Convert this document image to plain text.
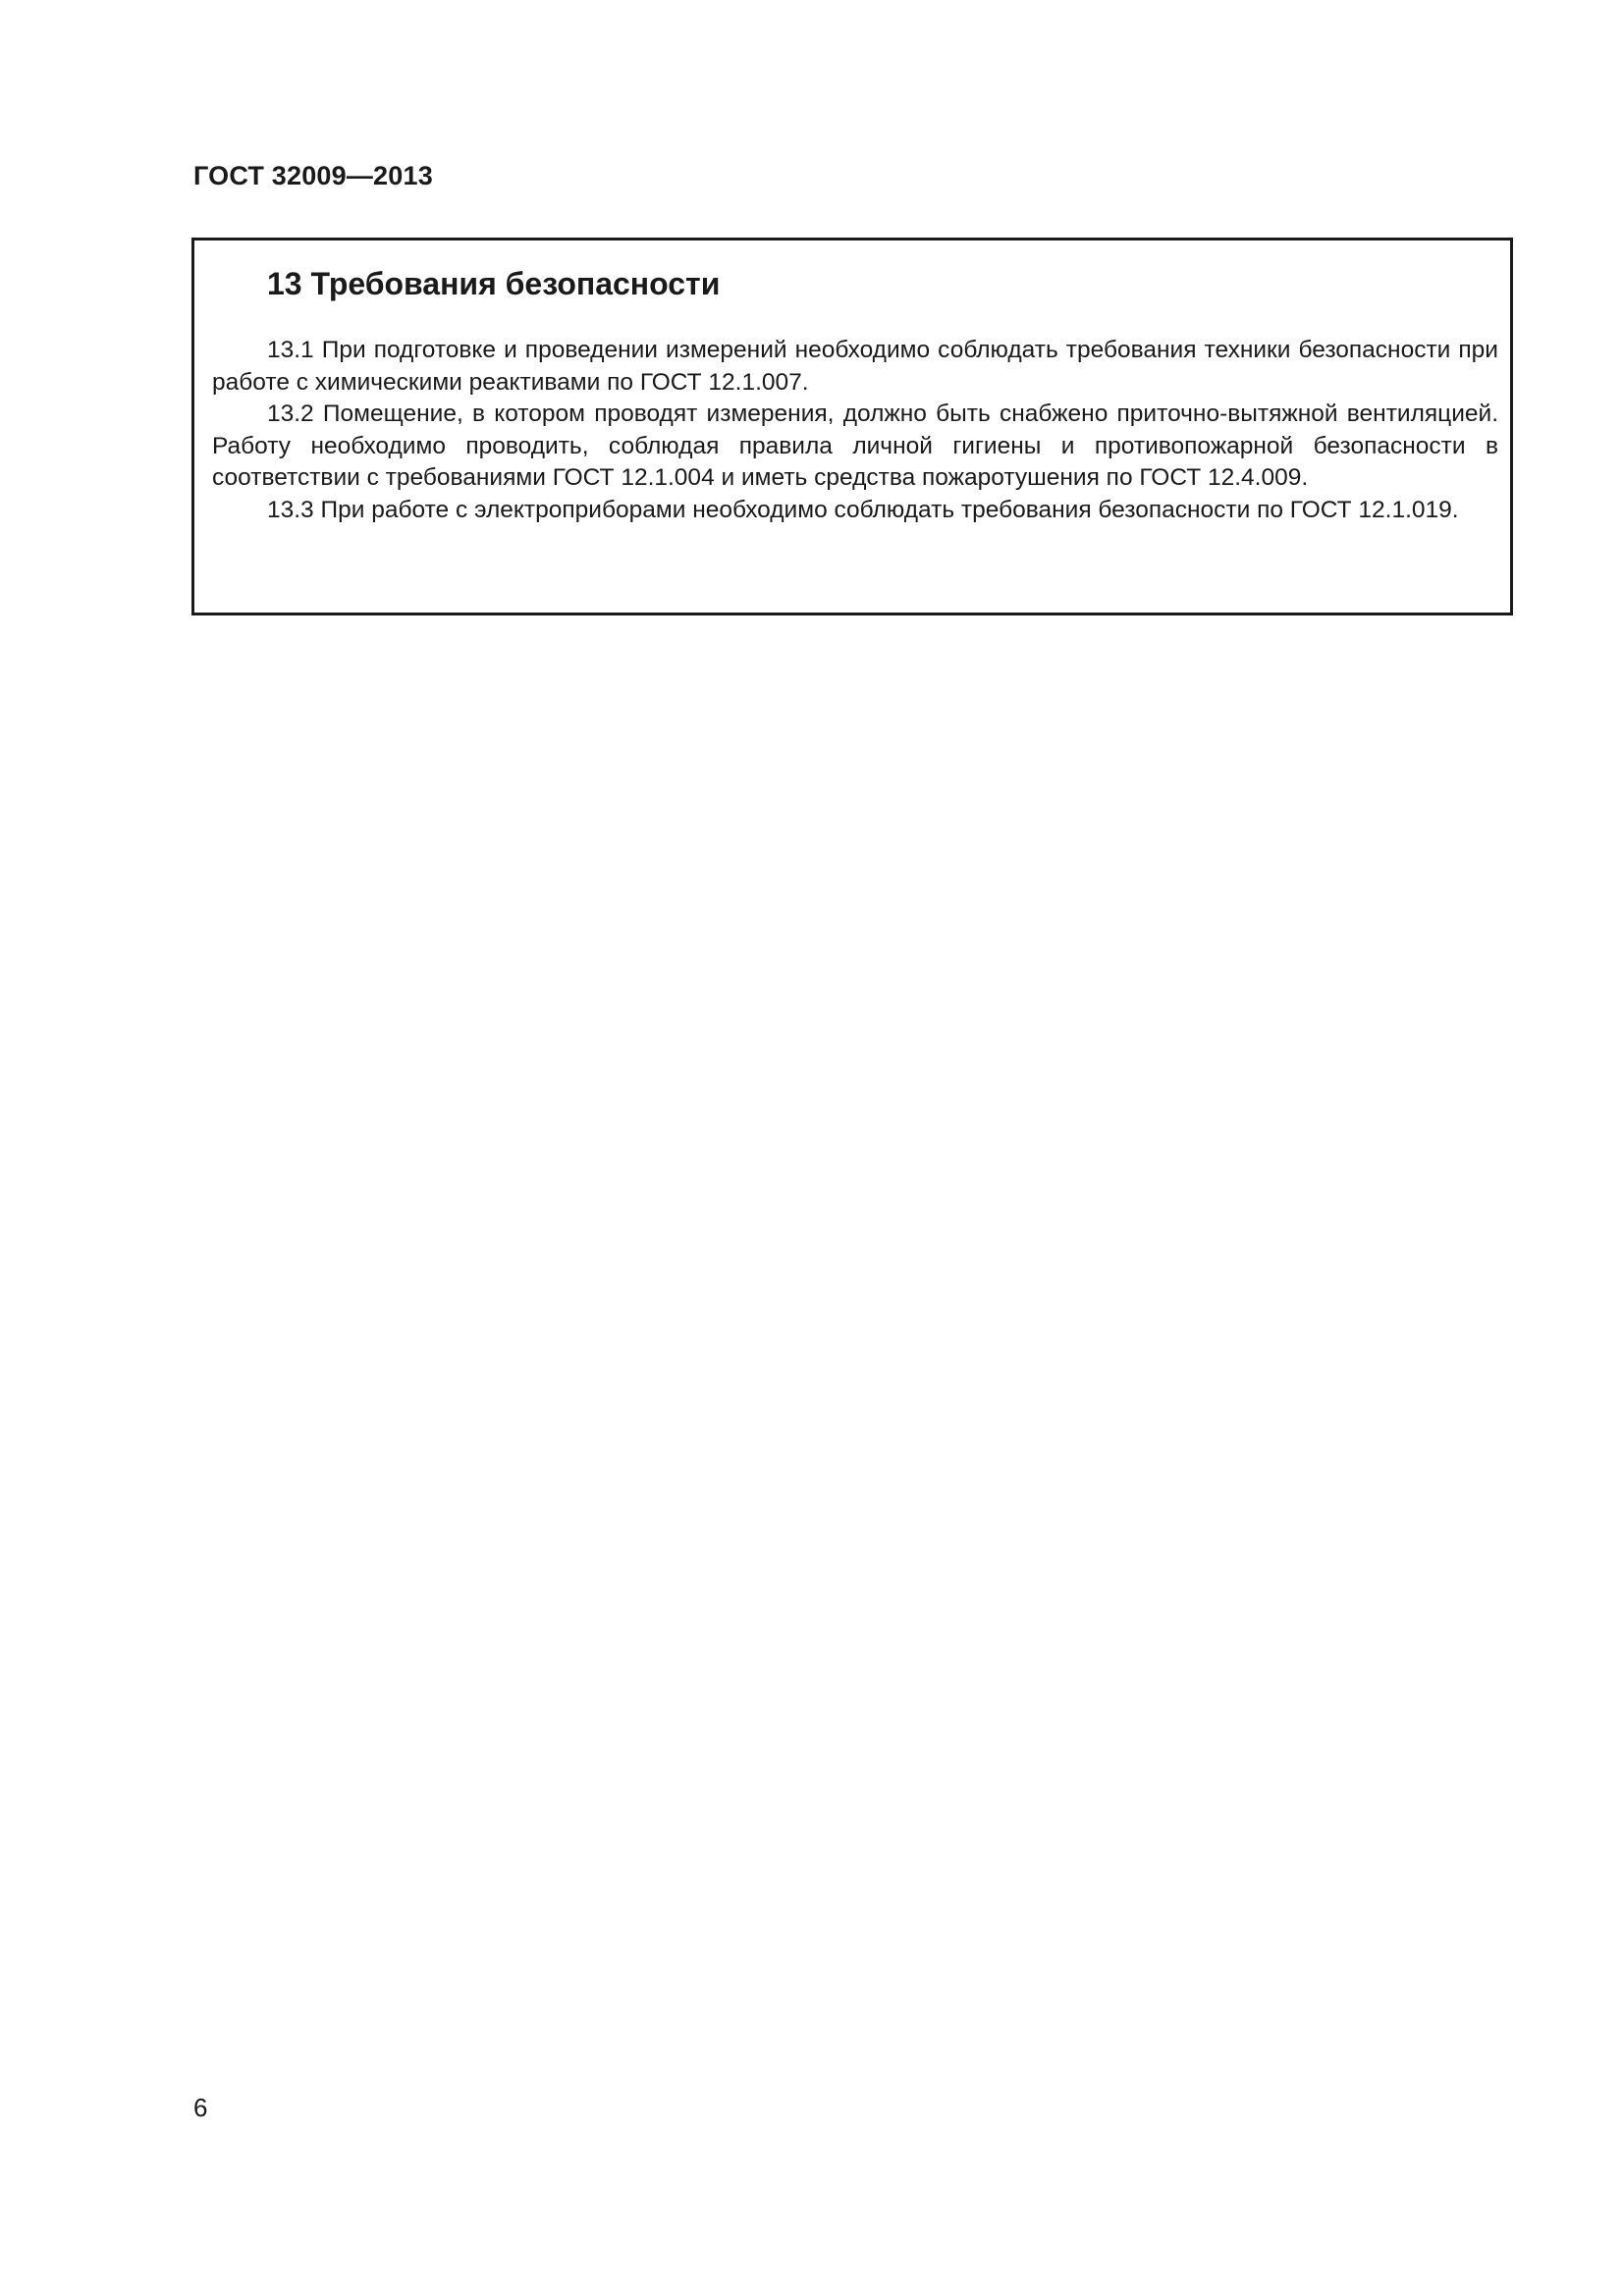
ГОСТ 32009—2013
13 Требования безопасности

13.1 При подготовке и проведении измерений необходимо соблюдать требования техники безопасности при работе с химическими реактивами по ГОСТ 12.1.007.

13.2 Помещение, в котором проводят измерения, должно быть снабжено приточно-вытяжной вентиляцией. Работу необходимо проводить, соблюдая правила личной гигиены и противопожарной безопасности в соответствии с требованиями ГОСТ 12.1.004 и иметь средства пожаротушения по ГОСТ 12.4.009.

13.3 При работе с электроприборами необходимо соблюдать требования безопасности по ГОСТ 12.1.019.

6
